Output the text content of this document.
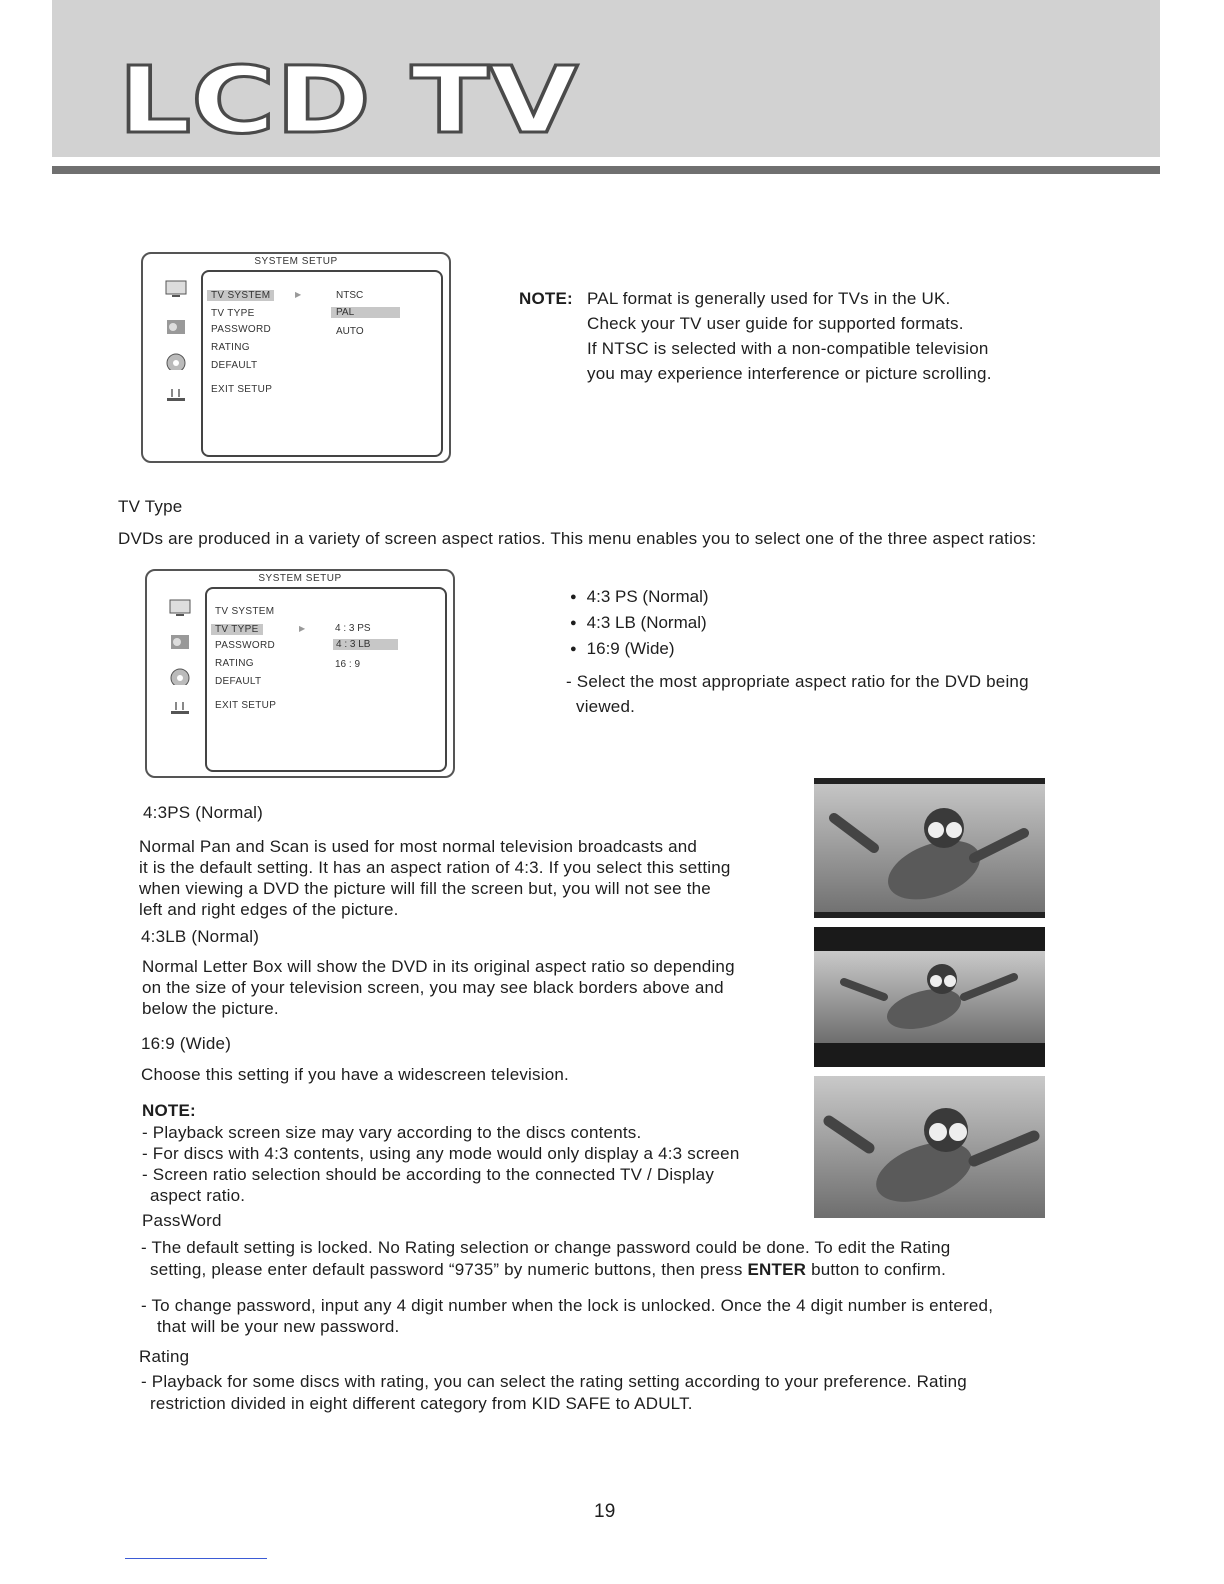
LCD TV
SYSTEM SETUP
TV SYSTEM	▶
TV TYPE
PASSWORD
RATING
DEFAULT
EXIT SETUP
NTSC
PAL
AUTO
NOTE: PAL format is generally used for TVs in the UK.
Check your TV user guide for supported formats.
If NTSC is selected with a non-compatible television
you may experience interference or picture scrolling.
TV Type
DVDs are produced in a variety of screen aspect ratios. This menu enables you to select one of the three aspect ratios:
SYSTEM SETUP
TV SYSTEM
TV TYPE	▶
PASSWORD
RATING
DEFAULT
EXIT SETUP
4 : 3 PS
4 : 3 LB
16 : 9
● 4:3 PS (Normal)
● 4:3 LB (Normal)
● 16:9 (Wide)
- Select the most appropriate aspect ratio for the DVD being
viewed.
4:3PS (Normal)
Normal Pan and Scan is used for most normal television broadcasts and
it is the default setting. It has an aspect ration of 4:3. If you select this setting
when viewing a DVD the picture will fill the screen but, you will not see the
left and right edges of the picture.
4:3LB (Normal)
Normal Letter Box will show the DVD in its original aspect ratio so depending
on the size of your television screen, you may see black borders above and
below the picture.
16:9 (Wide)
Choose this setting if you have a widescreen television.
NOTE:
- Playback screen size may vary according to the discs contents.
- For discs with 4:3 contents, using any mode would only display a 4:3 screen
- Screen ratio selection should be according to the connected TV / Display
aspect ratio.
PassWord
- The default setting is locked. No Rating selection or change password could be done. To edit the Rating
setting, please enter default password “9735” by numeric buttons, then press ENTER button to confirm.
- To change password, input any 4 digit number when the lock is unlocked. Once the 4 digit number is entered,
that will be your new password.
Rating
- Playback for some discs with rating, you can select the rating setting according to your preference. Rating
restriction divided in eight different category from KID SAFE to ADULT.
19
